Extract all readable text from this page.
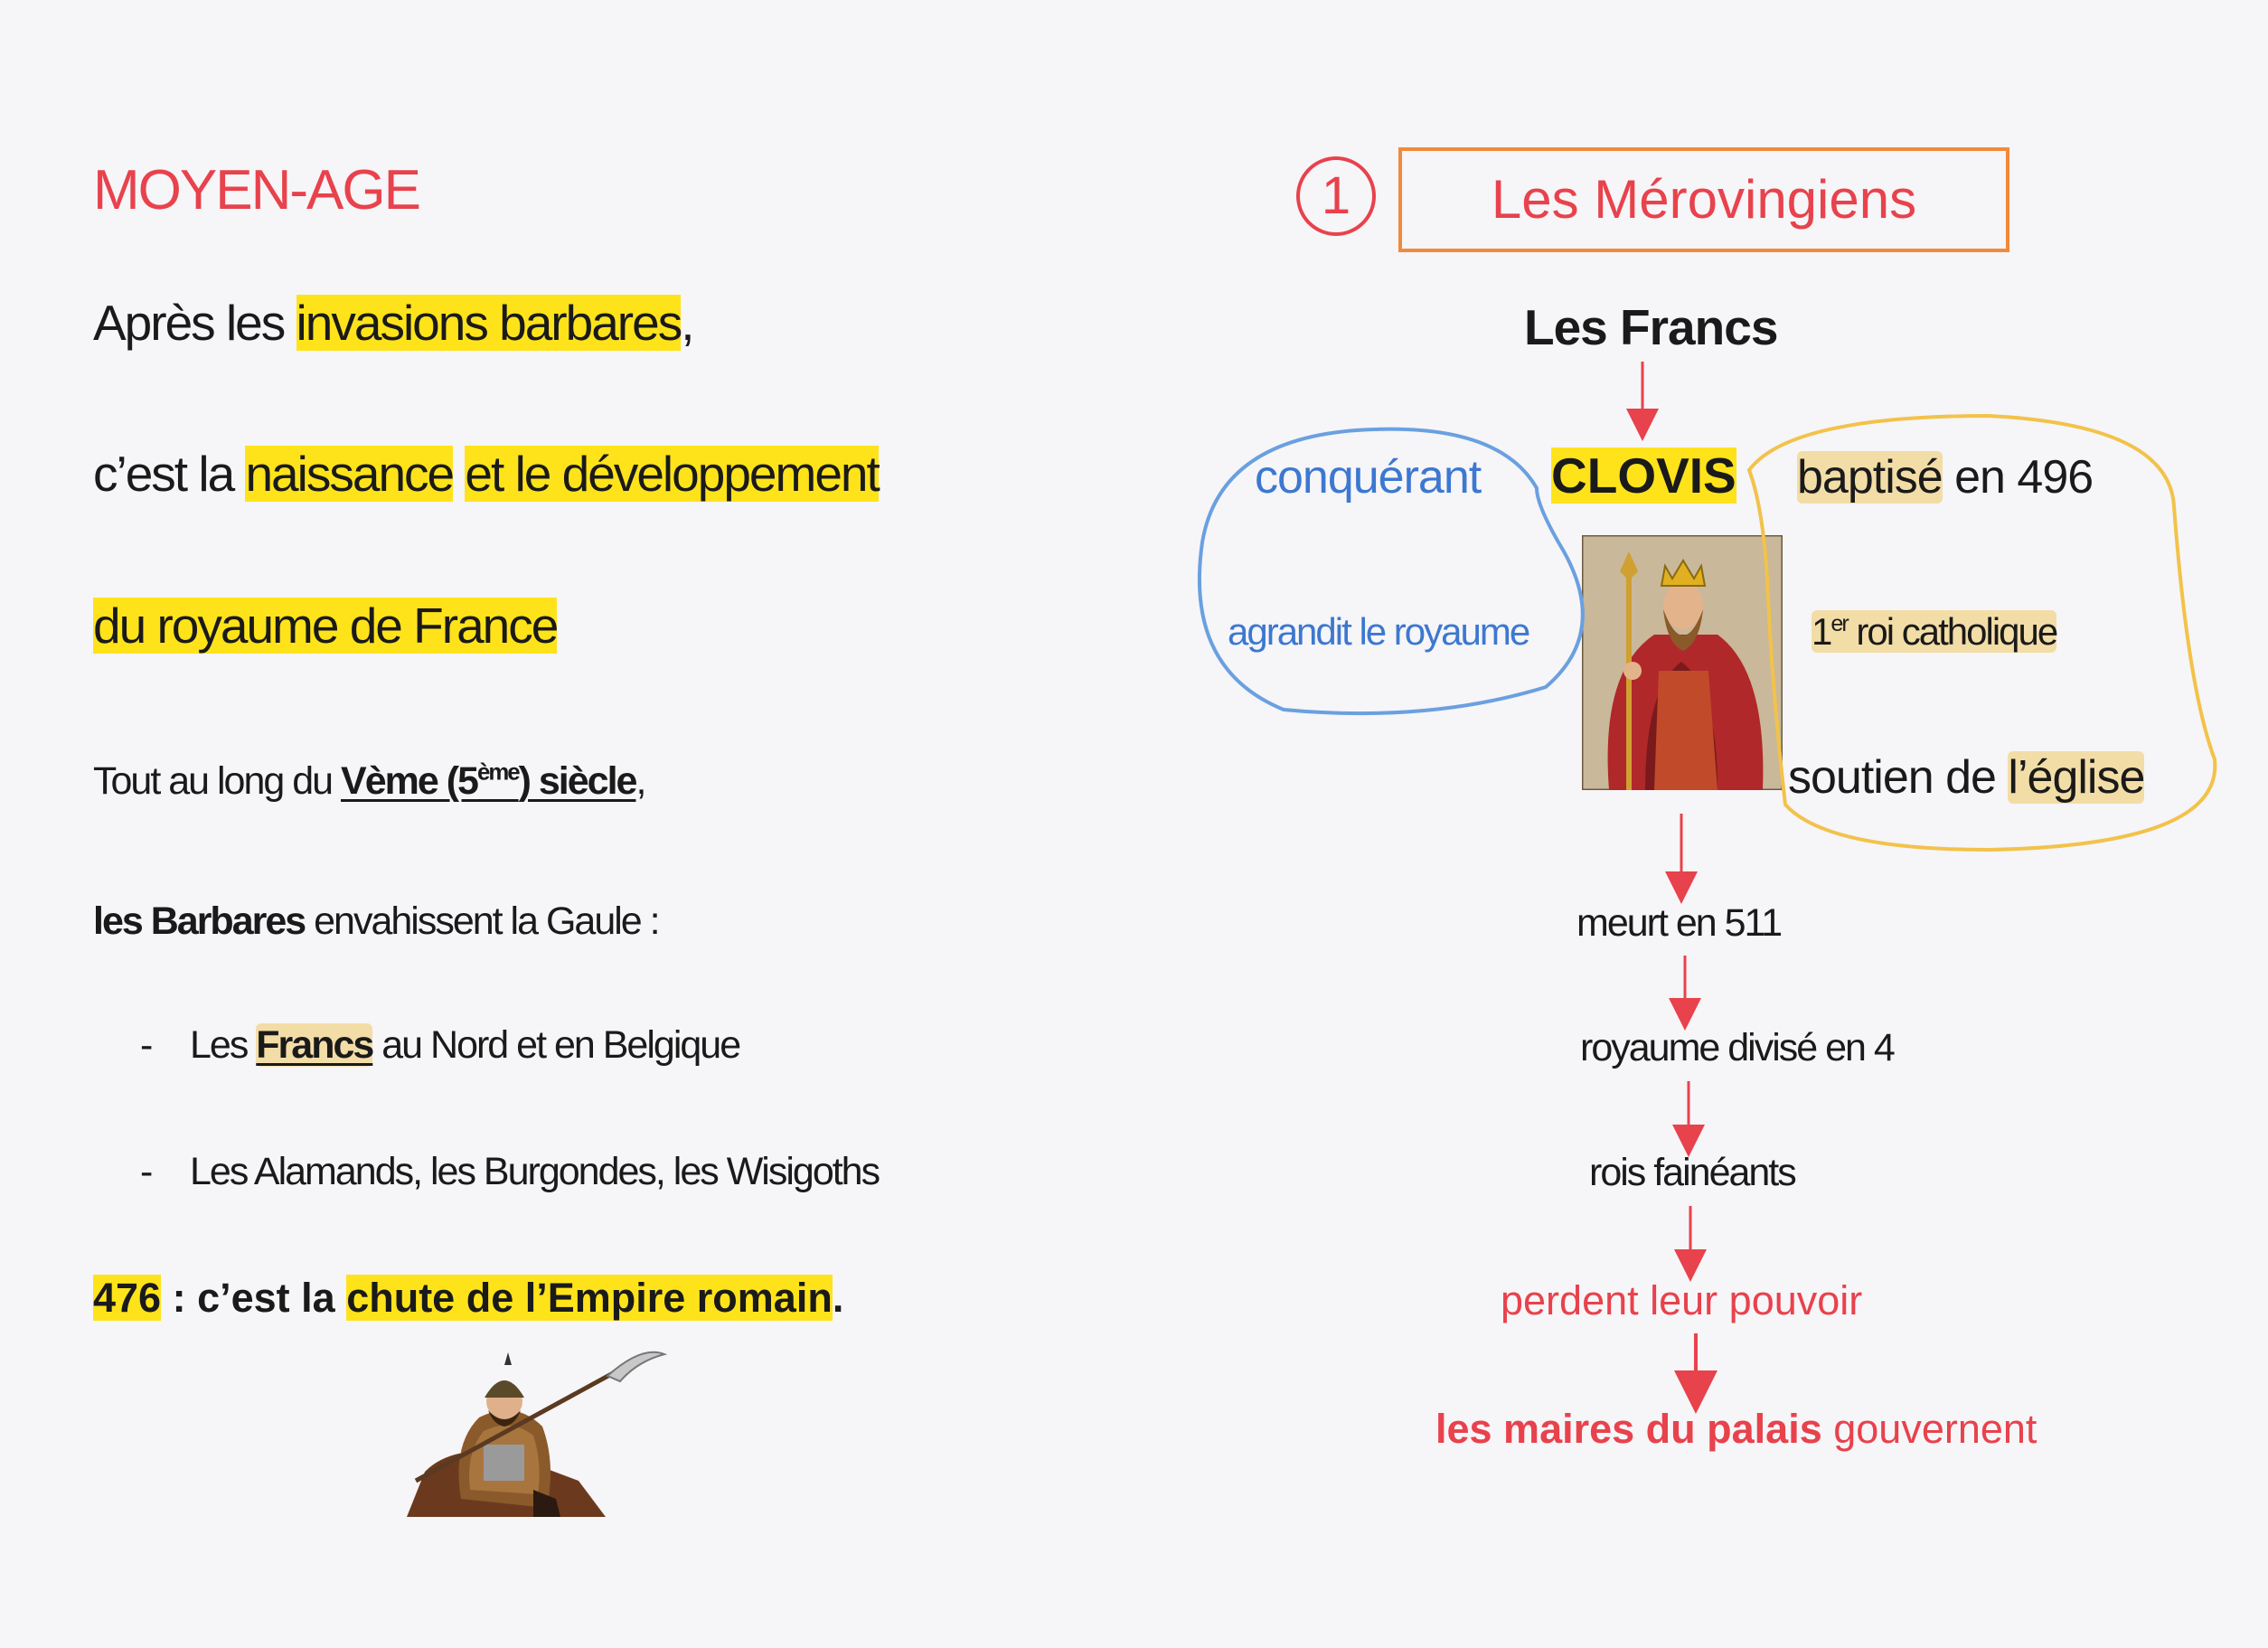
MOYEN-AGE
Après les invasions barbares,
c’est la naissance et le développement
du royaume de France
Tout au long du Vème (5ème) siècle,
les Barbares envahissent la Gaule :
- Les Francs au Nord et en Belgique
- Les Alamands, les Burgondes, les Wisigoths
476 : c’est la chute de l’Empire romain.
1	Les Mérovingiens
Les Francs
conquérant CLOVIS baptisé en 496
agrandit le royaume	1er roi catholique
soutien de l’église
meurt en 511
royaume divisé en 4
rois fainéants
perdent leur pouvoir
les maires du palais gouvernent
